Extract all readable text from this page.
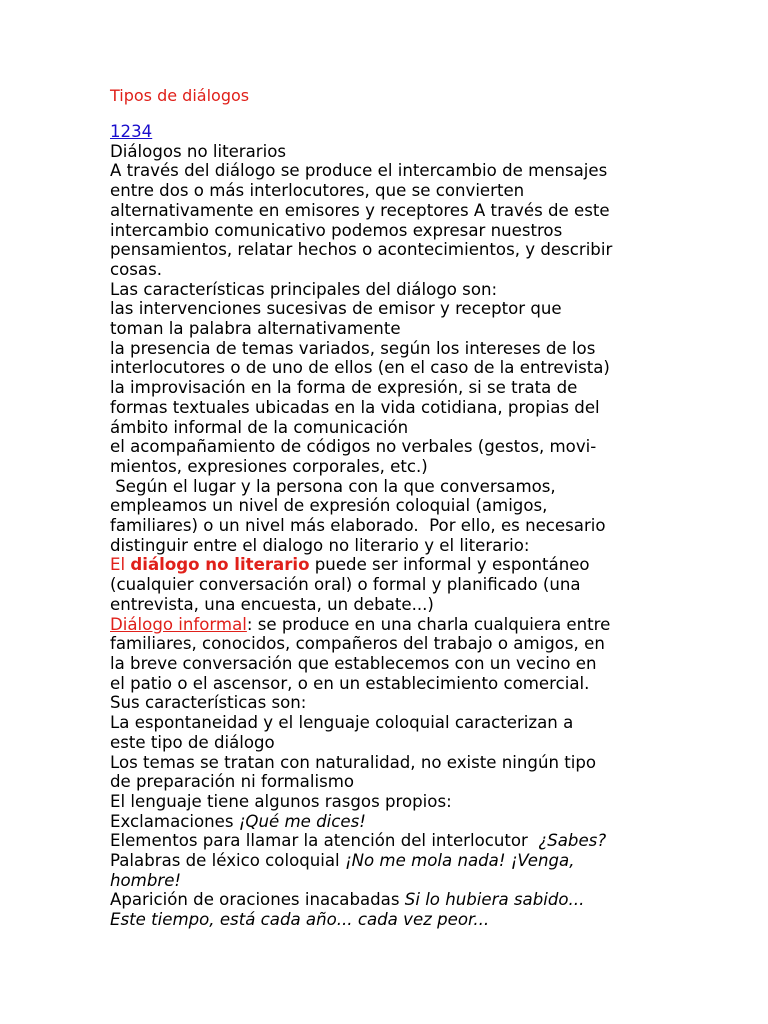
Tipos de diálogos
1234
Diálogos no literarios
A través del diálogo se produce el intercambio de mensajes
entre dos o más interlocutores, que se convierten
alternativamente en emisores y receptores A través de este
intercambio comunicativo podemos expresar nuestros
pensamientos, relatar hechos o acontecimientos, y describir
cosas.
Las características principales del diálogo son:
las intervenciones sucesivas de emisor y receptor que
toman la palabra alternativamente
la presencia de temas variados, según los intereses de los
interlocutores o de uno de ellos (en el caso de la entrevista)
la improvisación en la forma de expresión, si se trata de
formas textuales ubicadas en la vida cotidiana, propias del
ámbito informal de la comunicación
el acompañamiento de códigos no verbales (gestos, movi-
mientos, expresiones corporales, etc.)
Según el lugar y la persona con la que conversamos,
empleamos un nivel de expresión coloquial (amigos,
familiares) o un nivel más elaborado.  Por ello, es necesario
distinguir entre el dialogo no literario y el literario:
El diálogo no literario puede ser informal y espontáneo
(cualquier conversación oral) o formal y planificado (una
entrevista, una encuesta, un debate...)
Diálogo informal: se produce en una charla cualquiera entre
familiares, conocidos, compañeros del trabajo o amigos, en
la breve conversación que establecemos con un vecino en
el patio o el ascensor, o en un establecimiento comercial.
Sus características son:
La espontaneidad y el lenguaje coloquial caracterizan a
este tipo de diálogo
Los temas se tratan con naturalidad, no existe ningún tipo
de preparación ni formalismo
El lenguaje tiene algunos rasgos propios:
Exclamaciones ¡Qué me dices!
Elementos para llamar la atención del interlocutor  ¿Sabes?
Palabras de léxico coloquial ¡No me mola nada! ¡Venga,
hombre!
Aparición de oraciones inacabadas Si lo hubiera sabido...
Este tiempo, está cada año... cada vez peor...
